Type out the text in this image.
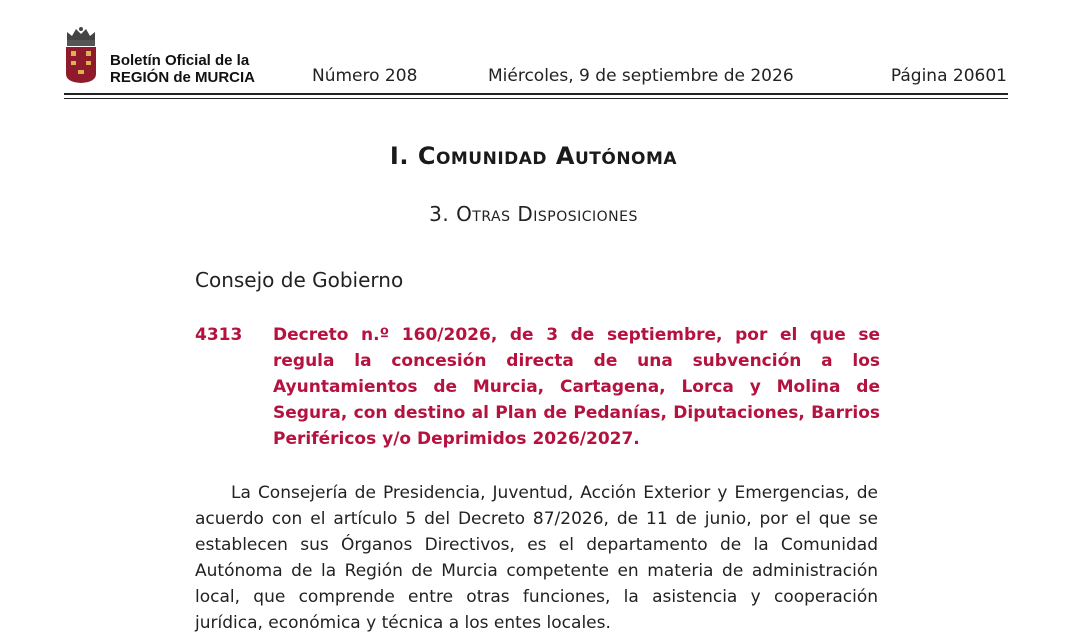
Boletín Oficial de la
REGIÓN de MURCIA	Número 208	Miércoles, 9 de septiembre de 2026	Página 20601
I. Comunidad Autónoma
3. Otras Disposiciones
Consejo de Gobierno
4313 Decreto n.º 160/2026, de 3 de septiembre, por el que se regula la concesión directa de una subvención a los Ayuntamientos de Murcia, Cartagena, Lorca y Molina de Segura, con destino al Plan de Pedanías, Diputaciones, Barrios Periféricos y/o Deprimidos 2026/2027.

La Consejería de Presidencia, Juventud, Acción Exterior y Emergencias, de acuerdo con el artículo 5 del Decreto 87/2026, de 11 de junio, por el que se establecen sus Órganos Directivos, es el departamento de la Comunidad Autónoma de la Región de Murcia competente en materia de administración local, que comprende entre otras funciones, la asistencia y cooperación jurídica, económica y técnica a los entes locales.
